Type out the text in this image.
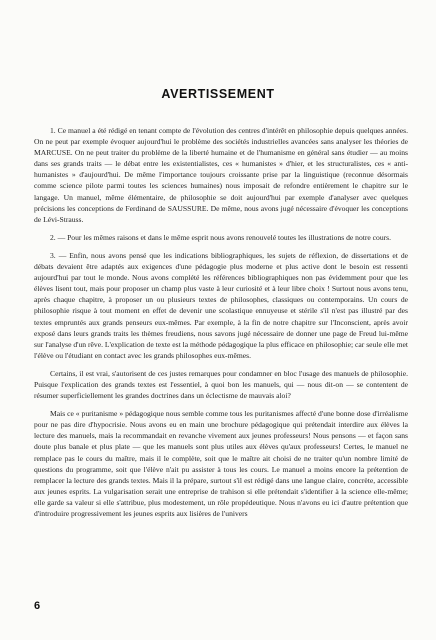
AVERTISSEMENT

1. Ce manuel a été rédigé en tenant compte de l'évolution des centres d'intérêt en philosophie depuis quelques années. On ne peut par exemple évoquer aujourd'hui le problème des sociétés industrielles avancées sans analyser les théories de MARCUSE. On ne peut traiter du problème de la liberté humaine et de l'humanisme en général sans étudier — au moins dans ses grands traits — le débat entre les existentialistes, ces « humanistes » d'hier, et les structuralistes, ces « anti-humanistes » d'aujourd'hui. De même l'importance toujours croissante prise par la linguistique (reconnue désormais comme science pilote parmi toutes les sciences humaines) nous imposait de refondre entièrement le chapitre sur le langage. Un manuel, même élémentaire, de philosophie se doit aujourd'hui par exemple d'analyser avec quelques précisions les conceptions de Ferdinand de SAUSSURE. De même, nous avons jugé nécessaire d'évoquer les conceptions de Lévi-Strauss.

2. — Pour les mêmes raisons et dans le même esprit nous avons renouvelé toutes les illustrations de notre cours.

3. — Enfin, nous avons pensé que les indications bibliographiques, les sujets de réflexion, de dissertations et de débats devaient être adaptés aux exigences d'une pédagogie plus moderne et plus active dont le besoin est ressenti aujourd'hui par tout le monde. Nous avons complété les références bibliographiques non pas évidemment pour que les élèves lisent tout, mais pour proposer un champ plus vaste à leur curiosité et à leur libre choix ! Surtout nous avons tenu, après chaque chapitre, à proposer un ou plusieurs textes de philosophes, classiques ou contemporains. Un cours de philosophie risque à tout moment en effet de devenir une scolastique ennuyeuse et stérile s'il n'est pas illustré par des textes empruntés aux grands penseurs eux-mêmes. Par exemple, à la fin de notre chapitre sur l'Inconscient, après avoir exposé dans leurs grands traits les thèmes freudiens, nous savons jugé nécessaire de donner une page de Freud lui-même sur l'analyse d'un rêve. L'explication de texte est la méthode pédagogique la plus efficace en philosophie; car seule elle met l'élève ou l'étudiant en contact avec les grands philosophes eux-mêmes.

Certains, il est vrai, s'autorisent de ces justes remarques pour condamner en bloc l'usage des manuels de philosophie. Puisque l'explication des grands textes est l'essentiel, à quoi bon les manuels, qui — nous dit-on — se contentent de résumer superficiellement les grandes doctrines dans un éclectisme de mauvais aloi?

Mais ce « puritanisme » pédagogique nous semble comme tous les puritanismes affecté d'une bonne dose d'irréalisme pour ne pas dire d'hypocrisie. Nous avons eu en main une brochure pédagogique qui prétendait interdire aux élèves la lecture des manuels, mais la recommandait en revanche vivement aux jeunes professeurs! Nous pensons — et façon sans doute plus banale et plus plate — que les manuels sont plus utiles aux élèves qu'aux professeurs! Certes, le manuel ne remplace pas le cours du maître, mais il le complète, soit que le maître ait choisi de ne traiter qu'un nombre limité de questions du programme, soit que l'élève n'ait pu assister à tous les cours. Le manuel a moins encore la prétention de remplacer la lecture des grands textes. Mais il la prépare, surtout s'il est rédigé dans une langue claire, concrète, accessible aux jeunes esprits. La vulgarisation serait une entreprise de trahison si elle prétendait s'identifier à la science elle-même; elle garde sa valeur si elle s'attribue, plus modestement, un rôle propédeutique. Nous n'avons eu ici d'autre prétention que d'introduire progressivement les jeunes esprits aux lisières de l'univers

6
